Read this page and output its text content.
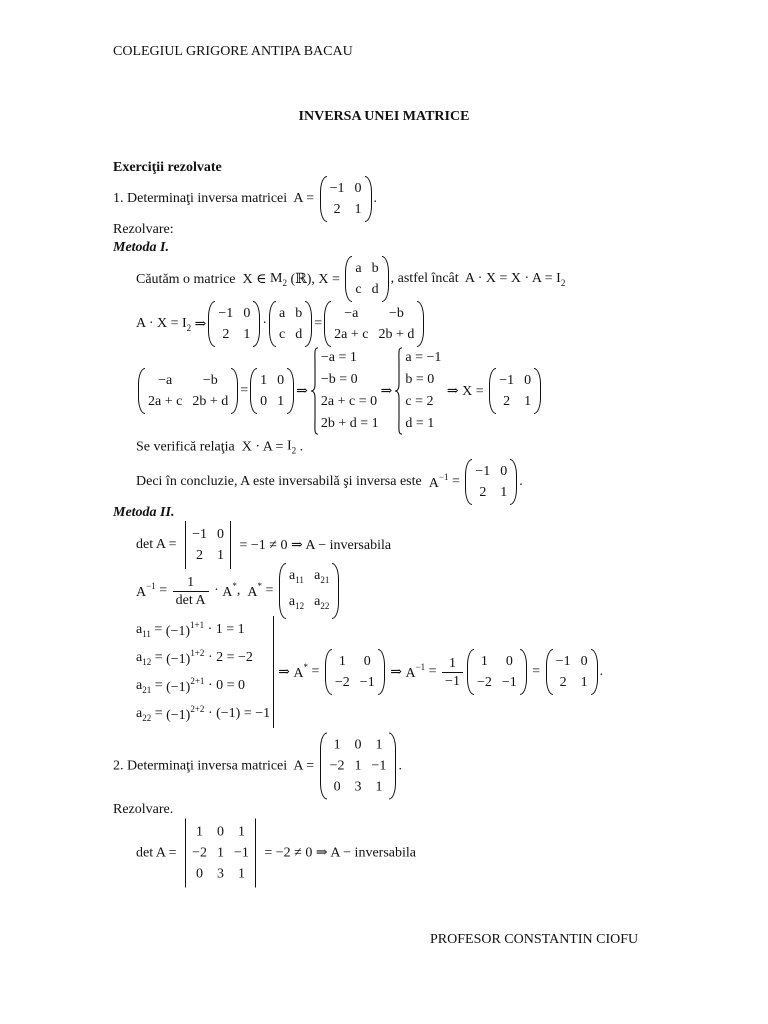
COLEGIUL GRIGORE ANTIPA BACAU
INVERSA UNEI MATRICE
Exerciţii rezolvate
1. Determinaţi inversa matricei  A =
−1 0
2 1
.
Rezolvare:
Metoda I.
Căutăm o matrice  X ∈ $M_2$ (ℝ), X =
a b
c d
, astfel încât  $A \cdot X = X \cdot A = I_2$
$A \cdot X = I_2$ ⇒
−1 0
2 1
·
a b
c d
=
−a	−b
2a + c 2b + d
−a	−b
2a + c 2b + d
=
1 0
0 1
⇒
−a = 1
−b = 0
2a + c = 0
2b + d = 1
⇒
a = −1
b = 0
c = 2
d = 1
⇒ X =
−1 0
2 1
Se verifică relaţia  $X \cdot A = I_2$ .
Deci în concluzie, A este inversabilă şi inversa este $A^{-1}$ =
−1 0
2 1
.
Metoda II.
det A =
−1 0
2 1
= −1 ≠ 0 ⇒ A − inversabila
$A^{-1} = \frac{1}{\text{det A}} \cdot A^*$ , A* =
$a_{11}$ $a_{21}$
$a_{12}$ $a_{22}$
$a_{11} = (-1)^{1+1} \cdot 1 = 1$
$a_{12} = (-1)^{1+2} \cdot 2 = -2$
$a_{21} = (-1)^{2+1} \cdot 0 = 0$
$a_{22} = (-1)^{2+2} \cdot (-1) = -1$
⇒ A* =
1 0
−2 −1
⇒ $A^{-1} = \frac{1}{-1} 1$ 0
−2 −1
=
−1 0
2 1
.
2. Determinaţi inversa matricei  A =
1 0 1
−2 1 −1
0 3 1
.
Rezolvare.
det A =
1 0 1
−2 1 −1
0 3 1
= −2 ≠ 0 ⇒ A − inversabila
PROFESOR CONSTANTIN CIOFU
